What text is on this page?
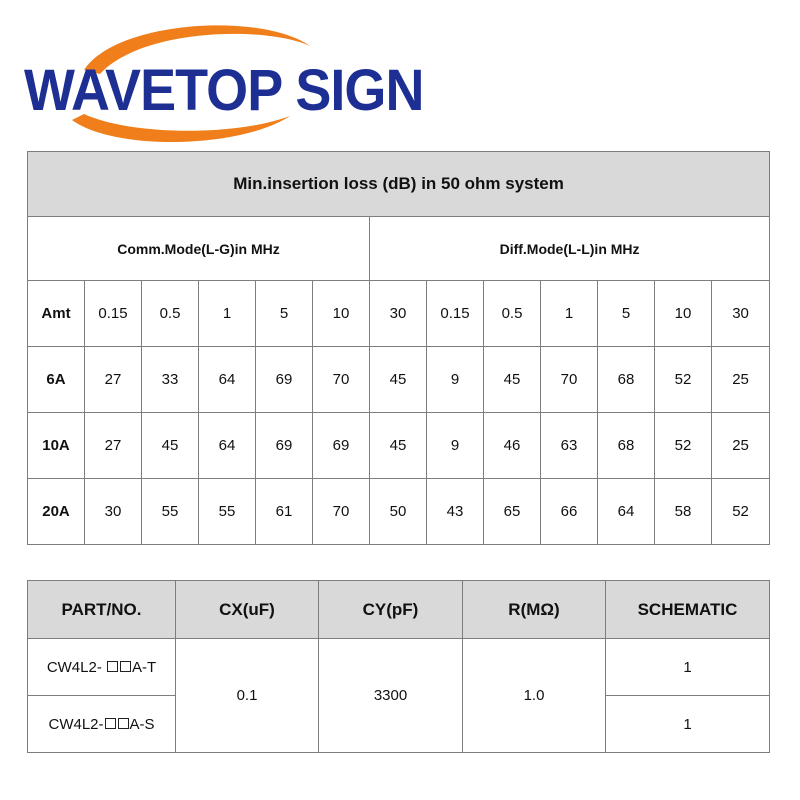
WAVETOP SIGN
Min.insertion loss (dB) in 50 ohm system												
Comm.Mode(L-G)in MHz						Diff.Mode(L-L)in MHz						
Amt	0.15	0.5	1	5	10	30	0.15	0.5	1	5	10	30
6A	27	33	64	69	70	45	9	45	70	68	52	25
10A	27	45	64	69	69	45	9	46	63	68	52	25
20A	30	55	55	61	70	50	43	65	66	64	58	52
PART/NO.	CX(uF)	CY(pF)	R(MΩ)	SCHEMATIC
CW4L2- A-T	0.1	3300	1.0	1
CW4L2- A-S				1
